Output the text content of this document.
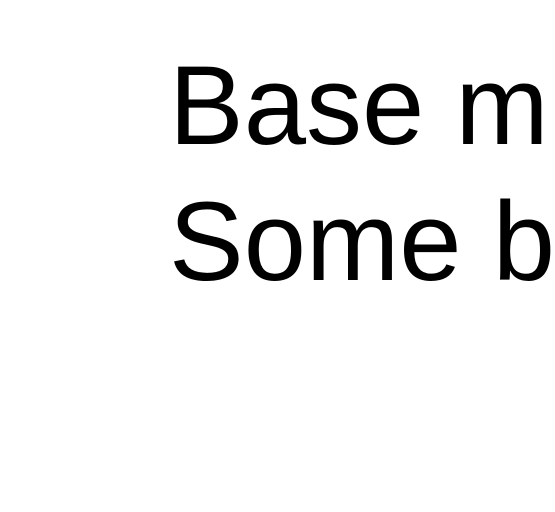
Base m
Some b
